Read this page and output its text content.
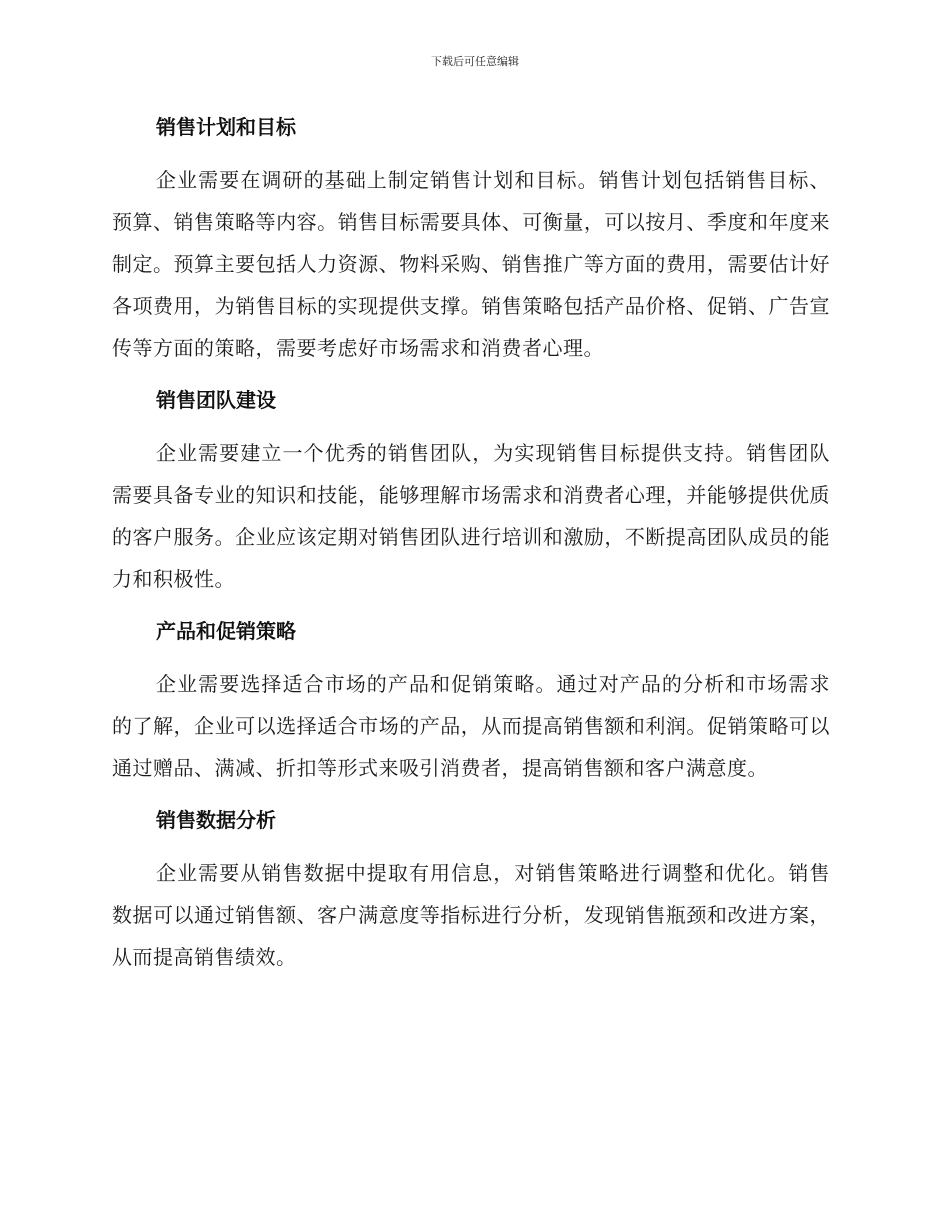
下载后可任意编辑
销售计划和目标

企业需要在调研的基础上制定销售计划和目标。销售计划包括销售目标、预算、销售策略等内容。销售目标需要具体、可衡量，可以按月、季度和年度来制定。预算主要包括人力资源、物料采购、销售推广等方面的费用，需要估计好各项费用，为销售目标的实现提供支撑。销售策略包括产品价格、促销、广告宣传等方面的策略，需要考虑好市场需求和消费者心理。

销售团队建设

企业需要建立一个优秀的销售团队，为实现销售目标提供支持。销售团队需要具备专业的知识和技能，能够理解市场需求和消费者心理，并能够提供优质的客户服务。企业应该定期对销售团队进行培训和激励，不断提高团队成员的能力和积极性。

产品和促销策略

企业需要选择适合市场的产品和促销策略。通过对产品的分析和市场需求的了解，企业可以选择适合市场的产品，从而提高销售额和利润。促销策略可以通过赠品、满减、折扣等形式来吸引消费者，提高销售额和客户满意度。

销售数据分析

企业需要从销售数据中提取有用信息，对销售策略进行调整和优化。销售数据可以通过销售额、客户满意度等指标进行分析，发现销售瓶颈和改进方案，从而提高销售绩效。
